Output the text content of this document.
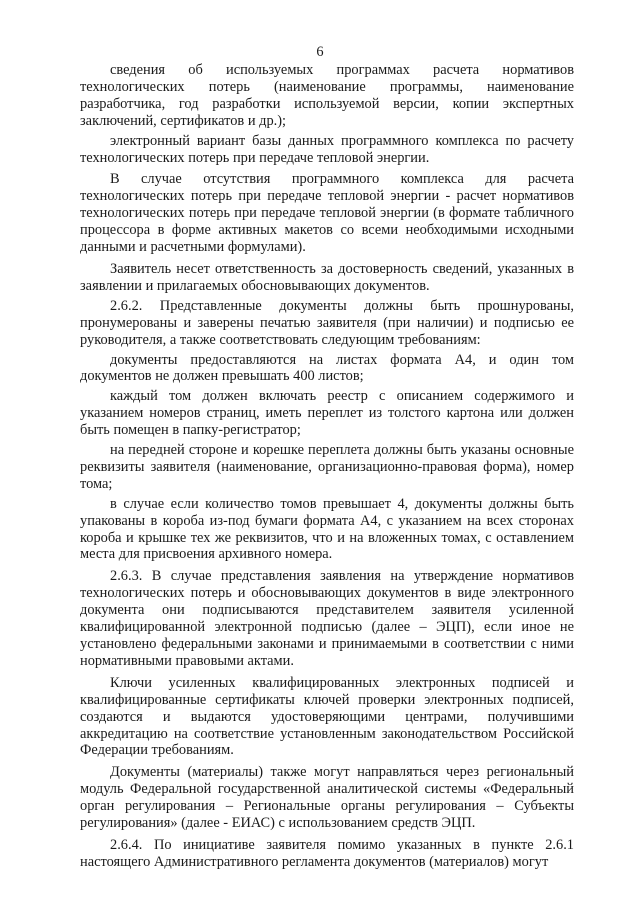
6

сведения об используемых программах расчета нормативов технологических потерь (наименование программы, наименование разработчика, год разработки используемой версии, копии экспертных заключений, сертификатов и др.);

электронный вариант базы данных программного комплекса по расчету технологических потерь при передаче тепловой энергии.

В случае отсутствия программного комплекса для расчета технологических потерь при передаче тепловой энергии - расчет нормативов технологических потерь при передаче тепловой энергии (в формате табличного процессора в форме активных макетов со всеми необходимыми исходными данными и расчетными формулами).

Заявитель несет ответственность за достоверность сведений, указанных в заявлении и прилагаемых обосновывающих документов.

2.6.2. Представленные документы должны быть прошнурованы, пронумерованы и заверены печатью заявителя (при наличии) и подписью ее руководителя, а также соответствовать следующим требованиям:

документы предоставляются на листах формата А4, и один том документов не должен превышать 400 листов;

каждый том должен включать реестр с описанием содержимого и указанием номеров страниц, иметь переплет из толстого картона или должен быть помещен в папку-регистратор;

на передней стороне и корешке переплета должны быть указаны основные реквизиты заявителя (наименование, организационно-правовая форма), номер тома;

в случае если количество томов превышает 4, документы должны быть упакованы в короба из-под бумаги формата А4, с указанием на всех сторонах короба и крышке тех же реквизитов, что и на вложенных томах, с оставлением места для присвоения архивного номера.

2.6.3. В случае представления заявления на утверждение нормативов технологических потерь и обосновывающих документов в виде электронного документа они подписываются представителем заявителя усиленной квалифицированной электронной подписью (далее – ЭЦП), если иное не установлено федеральными законами и принимаемыми в соответствии с ними нормативными правовыми актами.

Ключи усиленных квалифицированных электронных подписей и квалифицированные сертификаты ключей проверки электронных подписей, создаются и выдаются удостоверяющими центрами, получившими аккредитацию на соответствие установленным законодательством Российской Федерации требованиям.

Документы (материалы) также могут направляться через региональный модуль Федеральной государственной аналитической системы «Федеральный орган регулирования – Региональные органы регулирования – Субъекты регулирования» (далее - ЕИАС) с использованием средств ЭЦП.

2.6.4. По инициативе заявителя помимо указанных в пункте 2.6.1 настоящего Административного регламента документов (материалов) могут
